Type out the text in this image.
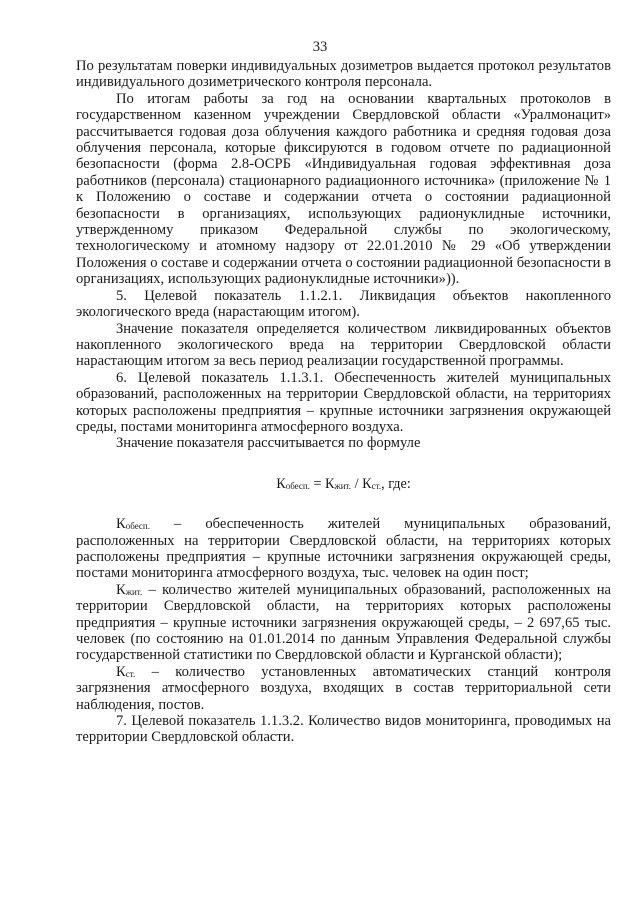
33

По результатам поверки индивидуальных дозиметров выдается протокол результатов индивидуального дозиметрического контроля персонала.

По итогам работы за год на основании квартальных протоколов в государственном казенном учреждении Свердловской области «Уралмонацит» рассчитывается годовая доза облучения каждого работника и средняя годовая доза облучения персонала, которые фиксируются в годовом отчете по радиационной безопасности (форма 2.8-ОСРБ «Индивидуальная годовая эффективная доза работников (персонала) стационарного радиационного источника» (приложение № 1 к Положению о составе и содержании отчета о состоянии радиационной безопасности в организациях, использующих радионуклидные источники, утвержденному приказом Федеральной службы по экологическому, технологическому и атомному надзору от 22.01.2010 № 29 «Об утверждении Положения о составе и содержании отчета о состоянии радиационной безопасности в организациях, использующих радионуклидные источники»)).

5. Целевой показатель 1.1.2.1. Ликвидация объектов накопленного экологического вреда (нарастающим итогом).

Значение показателя определяется количеством ликвидированных объектов накопленного экологического вреда на территории Свердловской области нарастающим итогом за весь период реализации государственной программы.

6. Целевой показатель 1.1.3.1. Обеспеченность жителей муниципальных образований, расположенных на территории Свердловской области, на территориях которых расположены предприятия – крупные источники загрязнения окружающей среды, постами мониторинга атмосферного воздуха.

Значение показателя рассчитывается по формуле

$К_{обесп.} = К_{жит.} / К_{ст.}$, где:

$К_{обесп.}$ – обеспеченность жителей муниципальных образований, расположенных на территории Свердловской области, на территориях которых расположены предприятия – крупные источники загрязнения окружающей среды, постами мониторинга атмосферного воздуха, тыс. человек на один пост;

$К_{жит.}$ – количество жителей муниципальных образований, расположенных на территории Свердловской области, на территориях которых расположены предприятия – крупные источники загрязнения окружающей среды, – 2 697,65 тыс. человек (по состоянию на 01.01.2014 по данным Управления Федеральной службы государственной статистики по Свердловской области и Курганской области);

$К_{ст.}$ – количество установленных автоматических станций контроля загрязнения атмосферного воздуха, входящих в состав территориальной сети наблюдения, постов.

7. Целевой показатель 1.1.3.2. Количество видов мониторинга, проводимых на территории Свердловской области.
